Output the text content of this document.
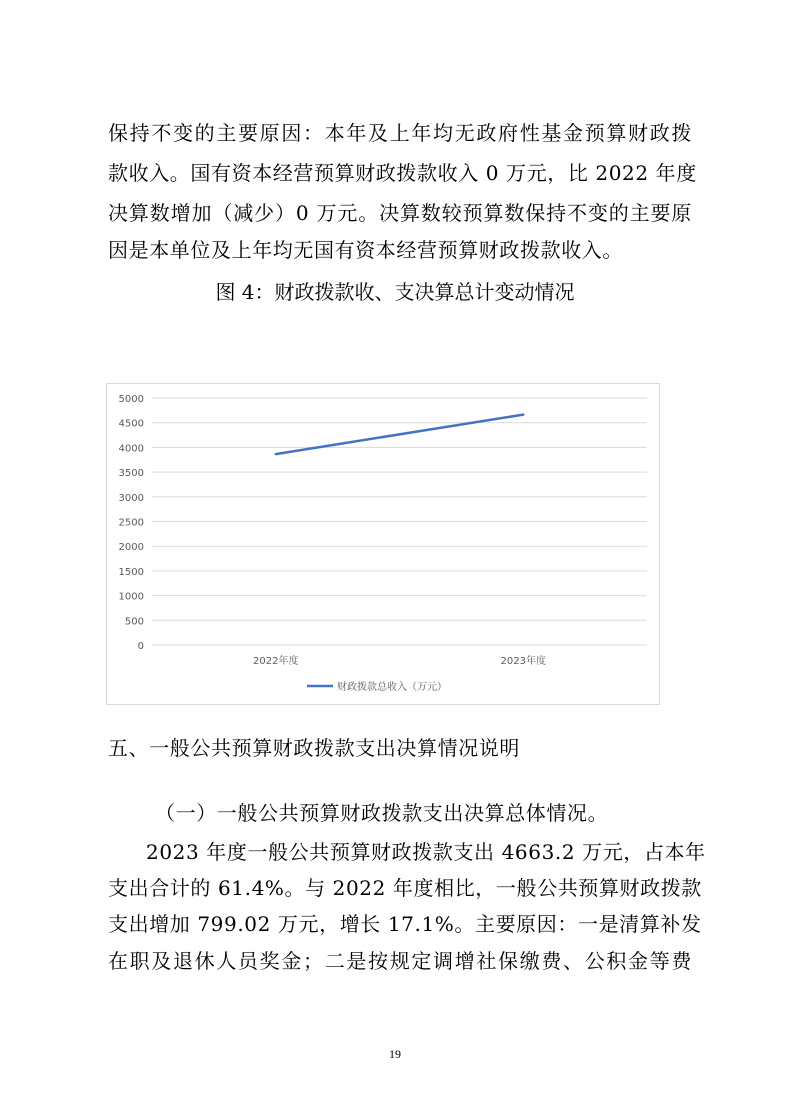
保持不变的主要原因：本年及上年均无政府性基金预算财政拨
款收入。国有资本经营预算财政拨款收入 0 万元，比 2022 年度
决算数增加（减少）0 万元。决算数较预算数保持不变的主要原
因是本单位及上年均无国有资本经营预算财政拨款收入。
图 4：财政拨款收、支决算总计变动情况
0
500
1000
1500
2000
2500
3000
3500
4000
4500
5000
2022年度	2023年度
财政拨款总收入（万元）
五、一般公共预算财政拨款支出决算情况说明
（一）一般公共预算财政拨款支出决算总体情况。
2023 年度一般公共预算财政拨款支出 4663.2 万元，占本年
支出合计的 61.4%。与 2022 年度相比，一般公共预算财政拨款
支出增加 799.02 万元，增长 17.1%。主要原因：一是清算补发
在职及退休人员奖金；二是按规定调增社保缴费、公积金等费
19
